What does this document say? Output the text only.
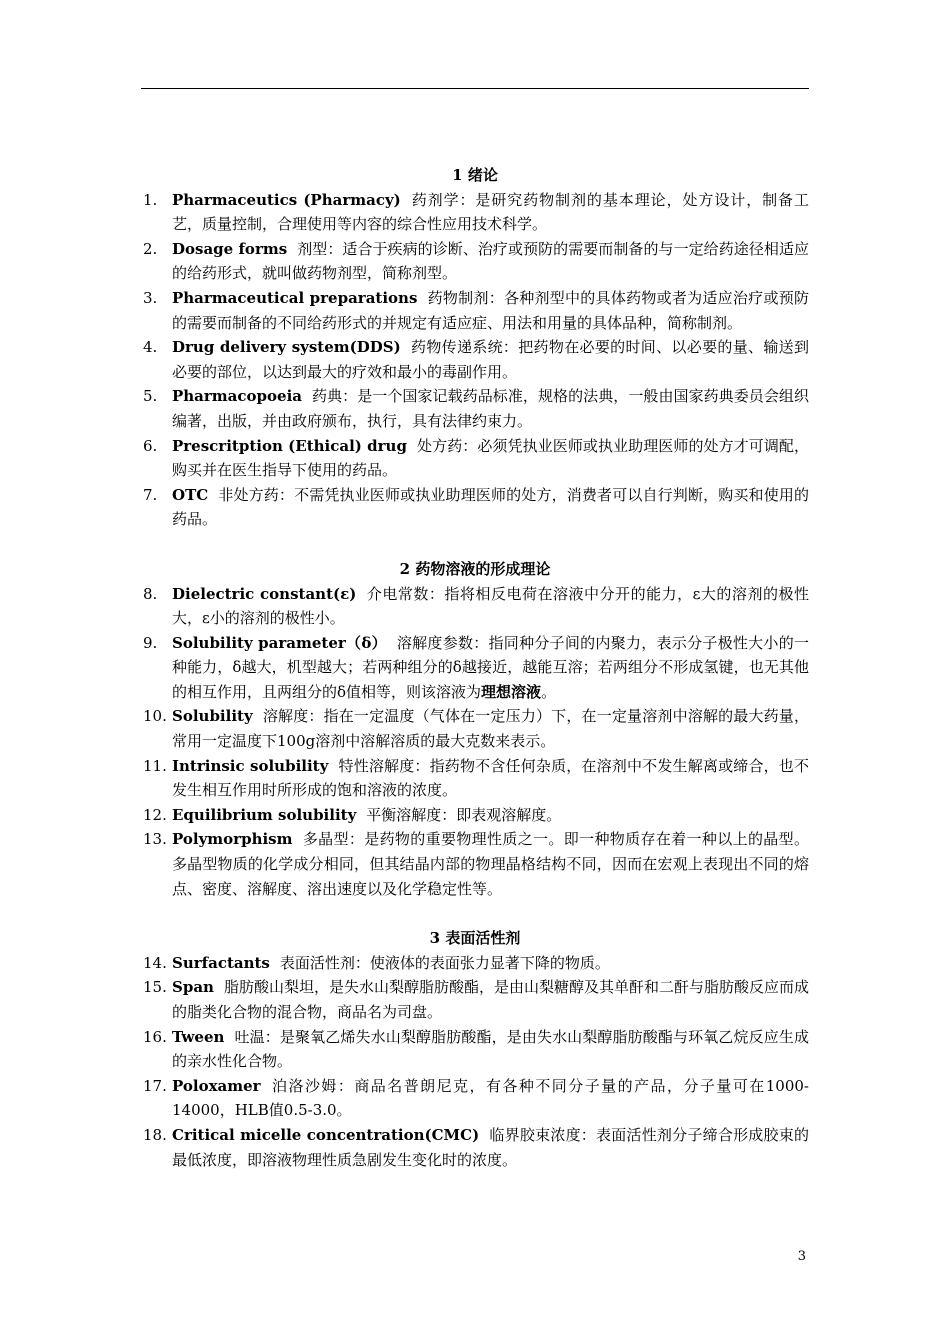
1 绪论
1. Pharmaceutics (Pharmacy) 药剂学：是研究药物制剂的基本理论，处方设计，制备工艺，质量控制，合理使用等内容的综合性应用技术科学。
2. Dosage forms 剂型：适合于疾病的诊断、治疗或预防的需要而制备的与一定给药途径相适应的给药形式，就叫做药物剂型，简称剂型。
3. Pharmaceutical preparations 药物制剂：各种剂型中的具体药物或者为适应治疗或预防的需要而制备的不同给药形式的并规定有适应症、用法和用量的具体品种，简称制剂。
4. Drug delivery system(DDS) 药物传递系统：把药物在必要的时间、以必要的量、输送到必要的部位，以达到最大的疗效和最小的毒副作用。
5. Pharmacopoeia 药典：是一个国家记载药品标准，规格的法典，一般由国家药典委员会组织编著，出版，并由政府颁布，执行，具有法律约束力。
6. Prescritption (Ethical) drug 处方药：必须凭执业医师或执业助理医师的处方才可调配，购买并在医生指导下使用的药品。
7. OTC 非处方药：不需凭执业医师或执业助理医师的处方，消费者可以自行判断，购买和使用的药品。
2 药物溶液的形成理论
8. Dielectric constant(ε) 介电常数：指将相反电荷在溶液中分开的能力，ε大的溶剂的极性大，ε小的溶剂的极性小。
9. Solubility parameter（δ） 溶解度参数：指同种分子间的内聚力，表示分子极性大小的一种能力，δ越大，机型越大；若两种组分的δ越接近，越能互溶；若两组分不形成氢键，也无其他的相互作用，且两组分的δ值相等，则该溶液为理想溶液。
10. Solubility 溶解度：指在一定温度（气体在一定压力）下，在一定量溶剂中溶解的最大药量，常用一定温度下100g溶剂中溶解溶质的最大克数来表示。
11. Intrinsic solubility 特性溶解度：指药物不含任何杂质，在溶剂中不发生解离或缔合，也不发生相互作用时所形成的饱和溶液的浓度。
12. Equilibrium solubility 平衡溶解度：即表观溶解度。
13. Polymorphism 多晶型：是药物的重要物理性质之一。即一种物质存在着一种以上的晶型。多晶型物质的化学成分相同，但其结晶内部的物理晶格结构不同，因而在宏观上表现出不同的熔点、密度、溶解度、溶出速度以及化学稳定性等。
3 表面活性剂
14. Surfactants 表面活性剂：使液体的表面张力显著下降的物质。
15. Span 脂肪酸山梨坦，是失水山梨醇脂肪酸酯，是由山梨糖醇及其单酐和二酐与脂肪酸反应而成的脂类化合物的混合物，商品名为司盘。
16. Tween 吐温：是聚氧乙烯失水山梨醇脂肪酸酯，是由失水山梨醇脂肪酸酯与环氧乙烷反应生成的亲水性化合物。
17. Poloxamer 泊洛沙姆：商品名普朗尼克，有各种不同分子量的产品，分子量可在1000-14000，HLB值0.5-3.0。
18. Critical micelle concentration(CMC) 临界胶束浓度：表面活性剂分子缔合形成胶束的最低浓度，即溶液物理性质急剧发生变化时的浓度。
3
